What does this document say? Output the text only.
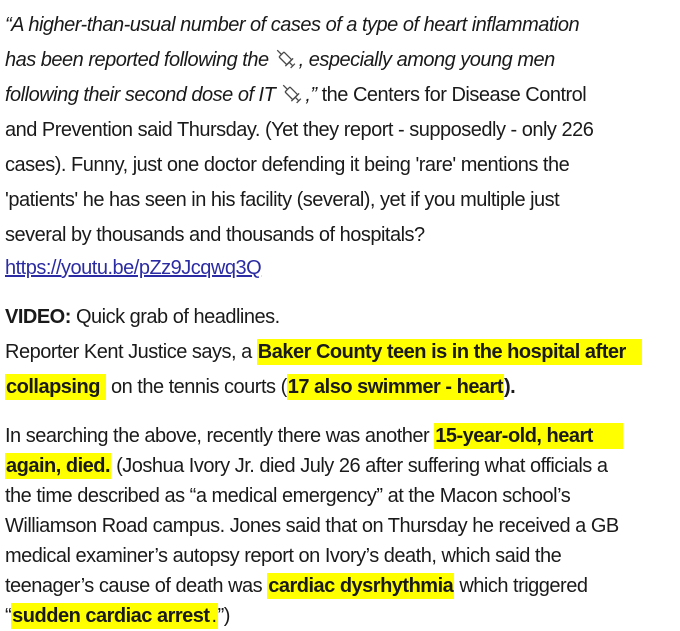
“A higher-than-usual number of cases of a type of heart inflammation
has been reported following the , especially among young men
following their second dose of IT ,” the Centers for Disease Control
and Prevention said Thursday. (Yet they report - supposedly - only 226
cases). Funny, just one doctor defending it being 'rare' mentions the
'patients' he has seen in his facility (several), yet if you multiple just
several by thousands and thousands of hospitals?
https://youtu.be/pZz9Jcqwq3Q
VIDEO: Quick grab of headlines.
Reporter Kent Justice says, a Baker County teen is in the hospital after
collapsing on the tennis courts (17 also swimmer - heart).
In searching the above, recently there was another 15-year-old, heart
again, died. (Joshua Ivory Jr. died July 26 after suffering what officials a
the time described as “a medical emergency” at the Macon school’s
Williamson Road campus. Jones said that on Thursday he received a GB
medical examiner’s autopsy report on Ivory’s death, which said the
teenager’s cause of death was cardiac dysrhythmia which triggered
“sudden cardiac arrest .”)
